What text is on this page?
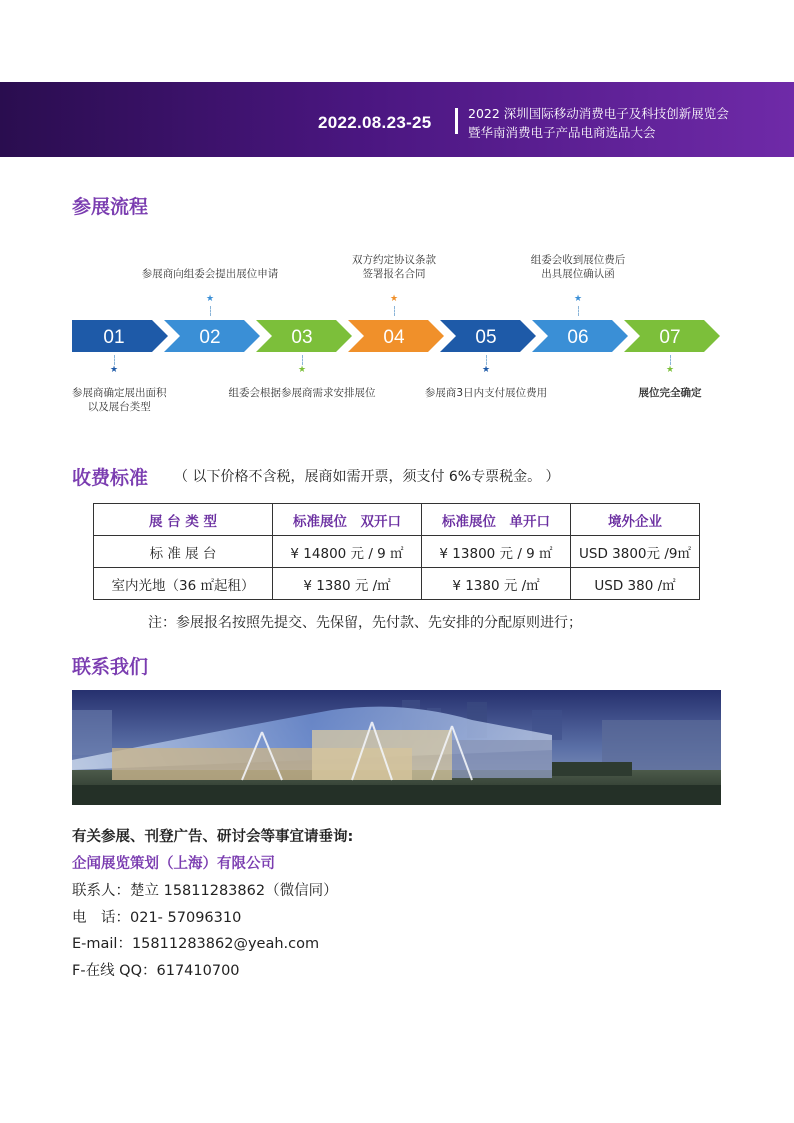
2022.08.23-25	2022 深圳国际移动消费电子及科技创新展览会
暨华南消费电子产品电商选品大会
参展流程
01	02	03	04	05	06	07
★
参展商确定展出面积
以及展台类型
★
参展商向组委会提出展位申请
★
组委会根据参展商需求安排展位
★
双方约定协议条款
签署报名合同
★
参展商3日内支付展位费用
★
组委会收到展位费后
出具展位确认函
★
展位完全确定
收费标准 （ 以下价格不含税，展商如需开票，须支付 6%专票税金。 ）
展 台 类 型	标准展位　双开口	标准展位　单开口	境外企业
标 准 展 台	¥ 14800 元 / 9 ㎡	¥ 13800 元 / 9 ㎡	USD 3800元 /9㎡
室内光地（36 ㎡起租）	¥ 1380 元 /㎡	¥ 1380 元 /㎡	USD 380 /㎡
注：参展报名按照先提交、先保留，先付款、先安排的分配原则进行；
联系我们
有关参展、刊登广告、研讨会等事宜请垂询:
企闻展览策划（上海）有限公司
联系人：楚立 15811283862（微信同）
电　话：021- 57096310
E-mail：15811283862@yeah.com
F-在线 QQ：617410700
